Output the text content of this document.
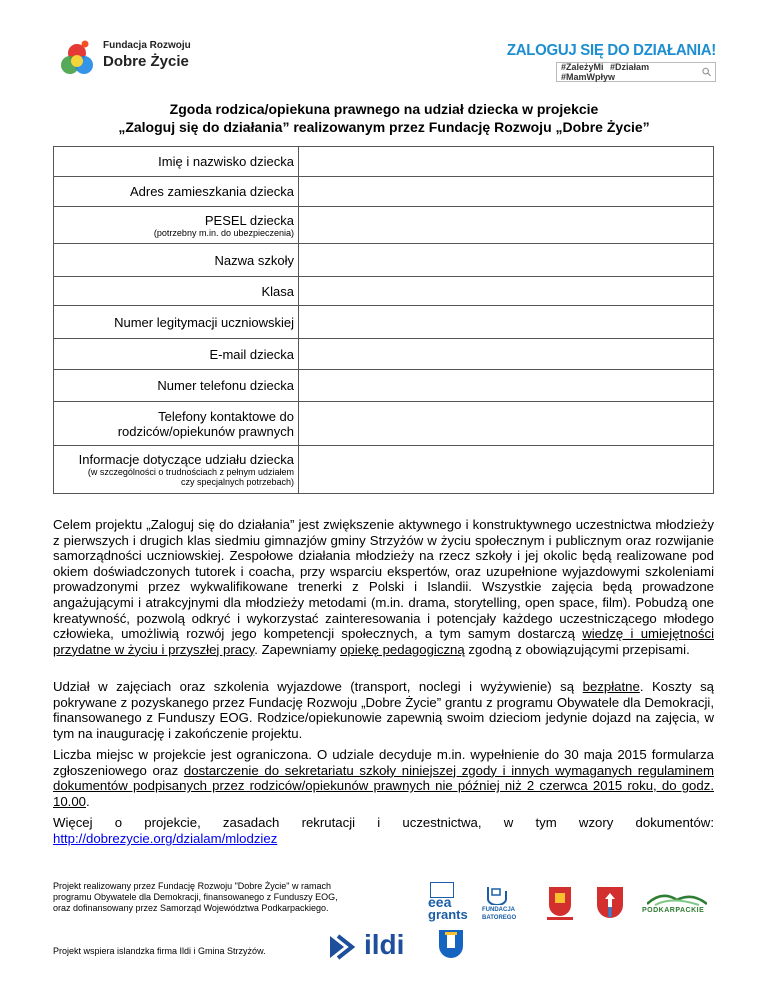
Fundacja Rozwoju
Dobre Życie
ZALOGUJ SIĘ DO DZIAŁANIA!
#ZależyMi #Działam #MamWpływ
Zgoda rodzica/opiekuna prawnego na udział dziecka w projekcie
„Zaloguj się do działania” realizowanym przez Fundację Rozwoju „Dobre Życie”
Imię i nazwisko dziecka	
Adres zamieszkania dziecka	
PESEL dziecka
(potrzebny m.in. do ubezpieczenia)	

Nazwa szkoły	
Klasa	
Numer legitymacji uczniowskiej	
E-mail dziecka	
Numer telefonu dziecka	
Telefony kontaktowe do
rodziców/opiekunów prawnych	
Informacje dotyczące udziału dziecka
(w szczególności o trudnościach z pełnym udziałem
czy specjalnych potrzebach)	

Celem projektu „Zaloguj się do działania” jest zwiększenie aktywnego i konstruktywnego uczestnictwa młodzieży z pierwszych i drugich klas siedmiu gimnazjów gminy Strzyżów w życiu społecznym i publicznym oraz rozwijanie samorządności uczniowskiej. Zespołowe działania młodzieży na rzecz szkoły i jej okolic będą realizowane pod okiem doświadczonych tutorek i coacha, przy wsparciu ekspertów, oraz uzupełnione wyjazdowymi szkoleniami prowadzonymi przez wykwalifikowane trenerki z Polski i Islandii. Wszystkie zajęcia będą prowadzone angażującymi i atrakcyjnymi dla młodzieży metodami (m.in. drama, storytelling, open space, film). Pobudzą one kreatywność, pozwolą odkryć i wykorzystać zainteresowania i potencjały każdego uczestniczącego młodego człowieka, umożliwią rozwój jego kompetencji społecznych, a tym samym dostarczą wiedzę i umiejętności przydatne w życiu i przyszłej pracy. Zapewniamy opiekę pedagogiczną zgodną z obowiązującymi przepisami.
Udział w zajęciach oraz szkolenia wyjazdowe (transport, noclegi i wyżywienie) są bezpłatne. Koszty są pokrywane z pozyskanego przez Fundację Rozwoju „Dobre Życie” grantu z programu Obywatele dla Demokracji, finansowanego z Funduszy EOG. Rodzice/opiekunowie zapewnią swoim dzieciom jedynie dojazd na zajęcia, w tym na inaugurację i zakończenie projektu.
Liczba miejsc w projekcie jest ograniczona. O udziale decyduje m.in. wypełnienie do 30 maja 2015 formularza zgłoszeniowego oraz dostarczenie do sekretariatu szkoły niniejszej zgody i innych wymaganych regulaminem dokumentów podpisanych przez rodziców/opiekunów prawnych nie później niż 2 czerwca 2015 roku, do godz. 10.00.
Więcej o projekcie, zasadach rekrutacji i uczestnictwa, w tym wzory dokumentów:
http://dobrezycie.org/dzialam/mlodziez
Projekt realizowany przez Fundację Rozwoju "Dobre Życie" w ramach
programu Obywatele dla Demokracji, finansowanego z Funduszy EOG,
oraz dofinansowany przez Samorząd Województwa Podkarpackiego.
Projekt wspiera islandzka firma Ildi i Gmina Strzyżów.
eea
grants FUNDACJA
BATOREGO
PODKARPACKIE
ildi
